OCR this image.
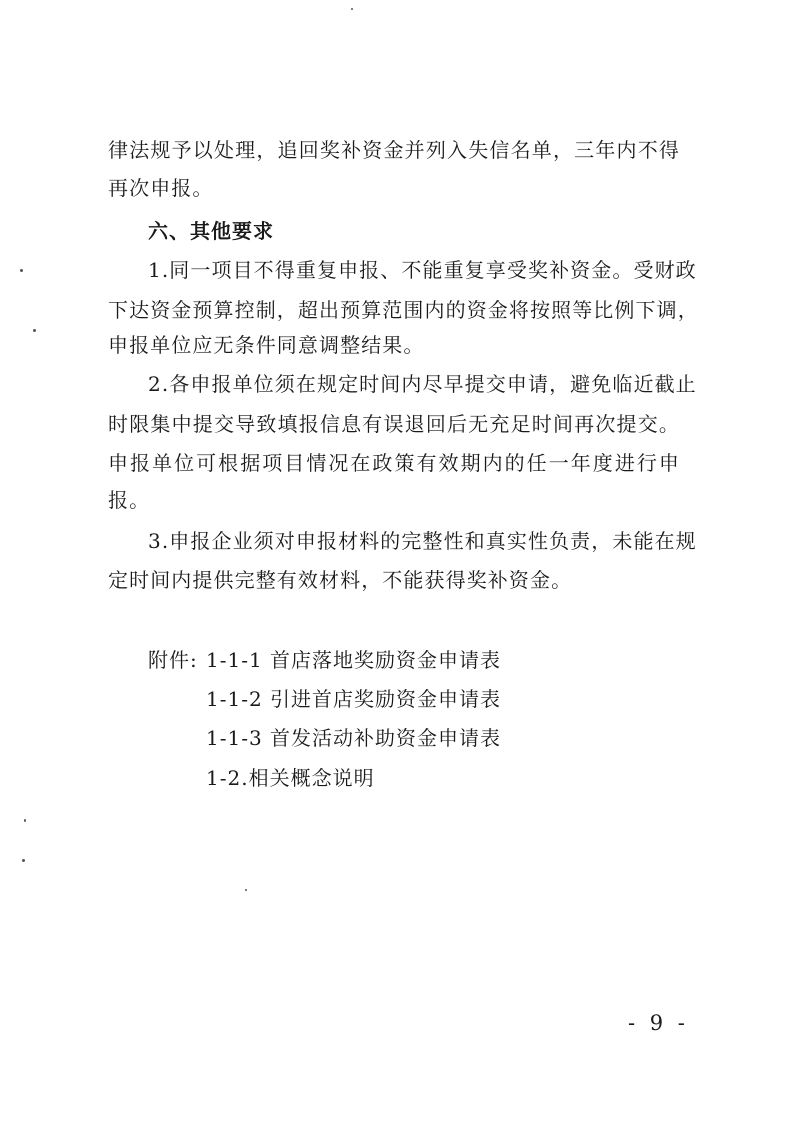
律法规予以处理，追回奖补资金并列入失信名单，三年内不得
再次申报。
六、其他要求
1.同一项目不得重复申报、不能重复享受奖补资金。受财政
下达资金预算控制，超出预算范围内的资金将按照等比例下调，
申报单位应无条件同意调整结果。
2.各申报单位须在规定时间内尽早提交申请，避免临近截止
时限集中提交导致填报信息有误退回后无充足时间再次提交。
申报单位可根据项目情况在政策有效期内的任一年度进行申
报。
3.申报企业须对申报材料的完整性和真实性负责，未能在规
定时间内提供完整有效材料，不能获得奖补资金。
附件: 1-1-1 首店落地奖励资金申请表
1-1-2 引进首店奖励资金申请表
1-1-3 首发活动补助资金申请表
1-2.相关概念说明
- 9 -
